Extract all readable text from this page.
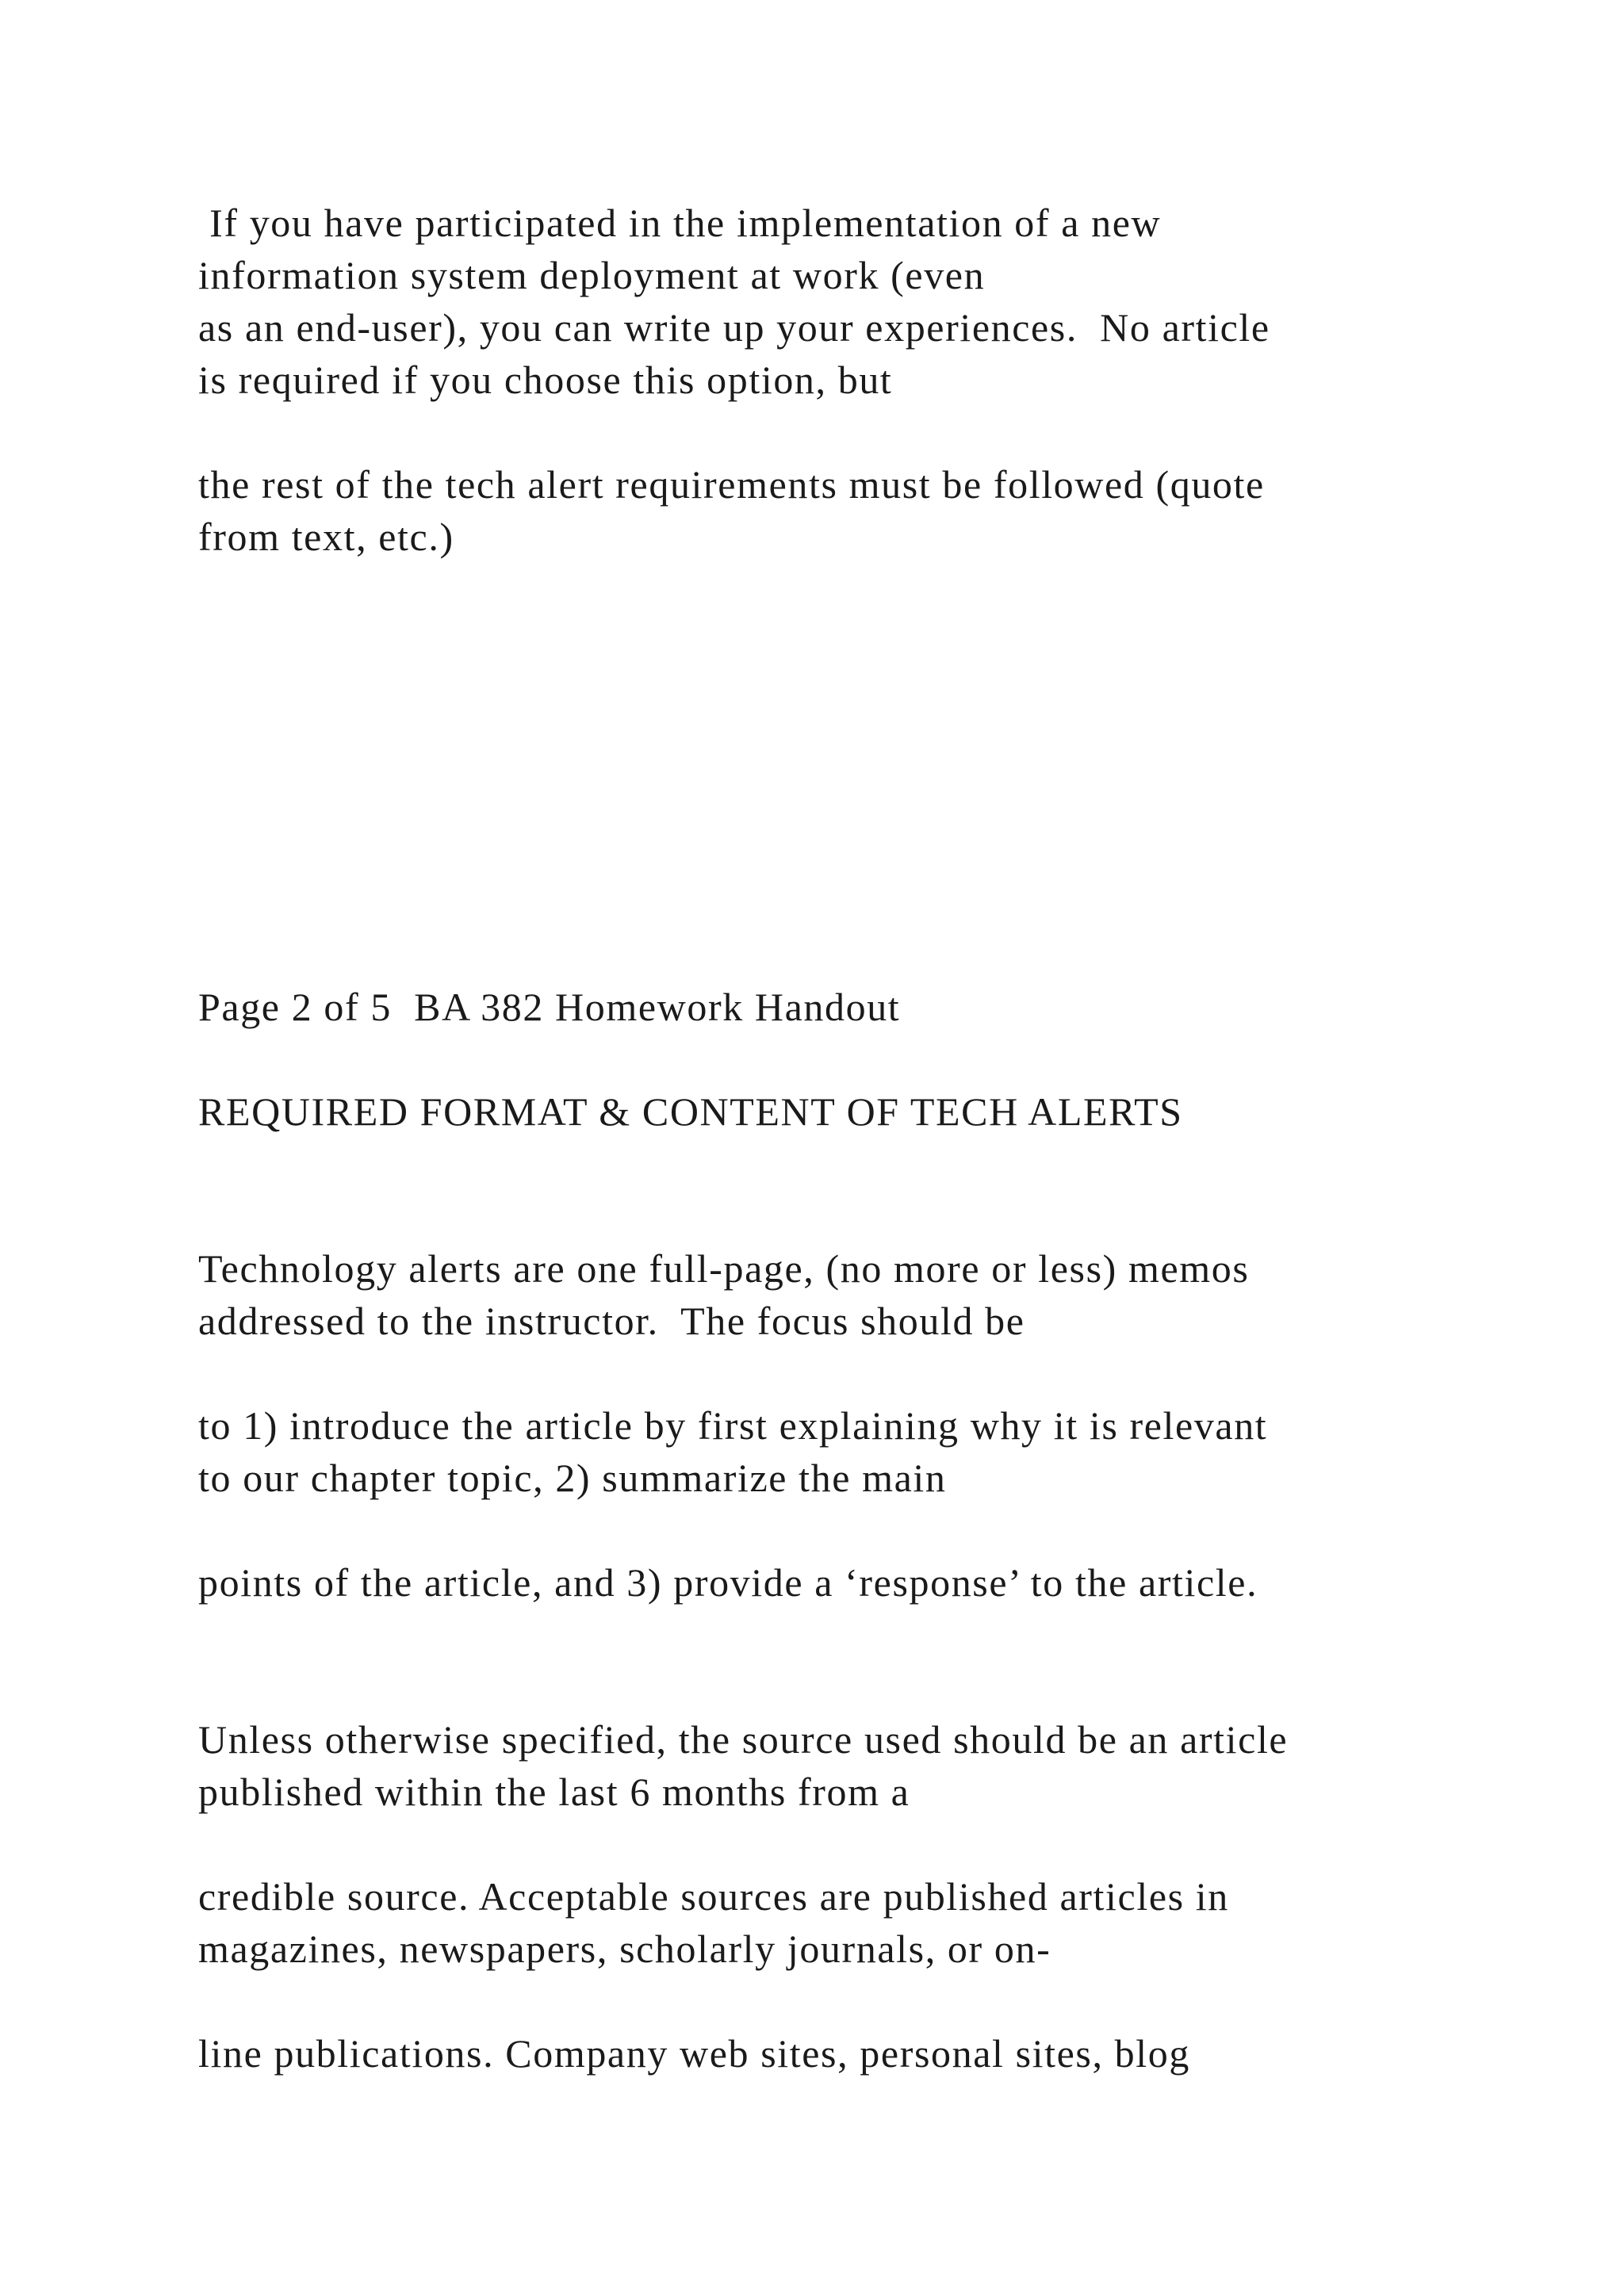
If you have participated in the implementation of a new

information system deployment at work (even

as an end-user), you can write up your experiences.  No article

is required if you choose this option, but

the rest of the tech alert requirements must be followed (quote

from text, etc.)

Page 2 of 5  BA 382 Homework Handout

REQUIRED FORMAT & CONTENT OF TECH ALERTS

Technology alerts are one full-page, (no more or less) memos

addressed to the instructor.  The focus should be

to 1) introduce the article by first explaining why it is relevant

to our chapter topic, 2) summarize the main

points of the article, and 3) provide a ‘response’ to the article.

Unless otherwise specified, the source used should be an article

published within the last 6 months from a

credible source. Acceptable sources are published articles in

magazines, newspapers, scholarly journals, or on-

line publications. Company web sites, personal sites, blog
